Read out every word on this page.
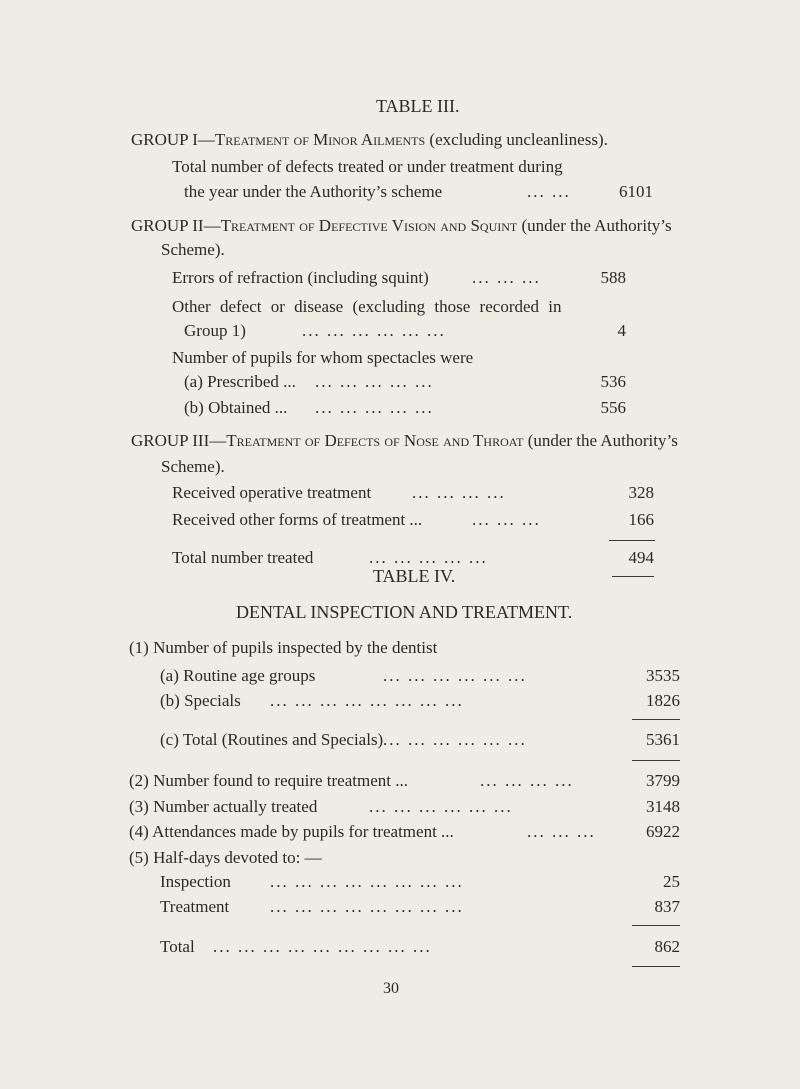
TABLE III.
GROUP I—Treatment of Minor Ailments (excluding uncleanliness).
Total number of defects treated or under treatment during
the year under the Authority’s scheme	... ...	6101
GROUP II—Treatment of Defective Vision and Squint (under the Authority’s
Scheme).
Errors of refraction (including squint)	... ... ...	588
Other defect or disease (excluding those recorded in
Group 1)	... ... ... ... ... ...	4
Number of pupils for whom spectacles were
(a) Prescribed ... ... ... ... ... ...	536
(b) Obtained ... ... ... ... ... ...	556
GROUP III—Treatment of Defects of Nose and Throat (under the Authority’s
Scheme).
Received operative treatment ... ... ... ...	328
Received other forms of treatment ...	... ... ...	166
Total number treated	... ... ... ... ...	494
TABLE IV.
DENTAL INSPECTION AND TREATMENT.
(1) Number of pupils inspected by the dentist
(a) Routine age groups	... ... ... ... ... ...	3535
(b) Specials ... ... ... ... ... ... ... ...	1826
(c) Total (Routines and Specials) ... ... ... ... ... ...	5361
(2) Number found to require treatment ...	... ... ... ...	3799
(3) Number actually treated	... ... ... ... ... ...	3148
(4) Attendances made by pupils for treatment ...	... ... ...	6922
(5) Half-days devoted to: —
Inspection ... ... ... ... ... ... ... ...	25
Treatment ... ... ... ... ... ... ... ...	837
Total ... ... ... ... ... ... ... ... ...	862
30
